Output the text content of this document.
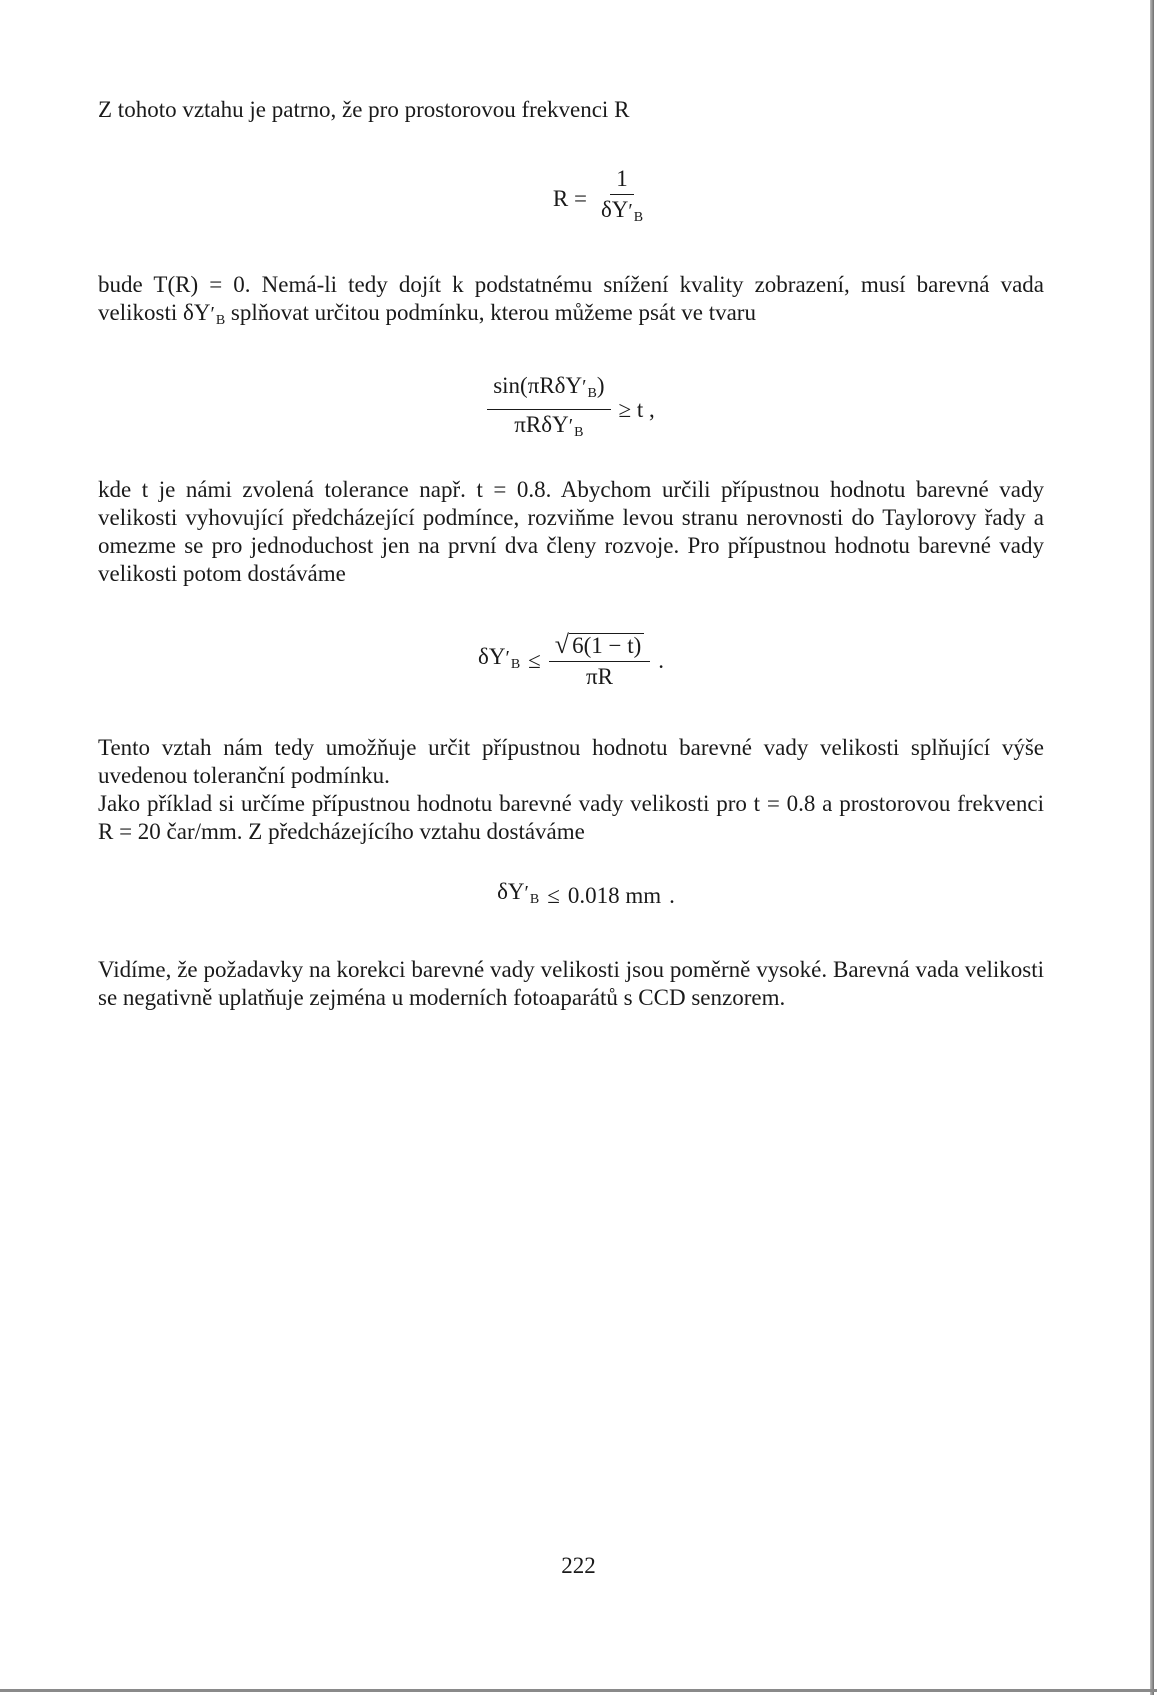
Z tohoto vztahu je patrno, že pro prostorovou frekvenci R

$R = \frac{1}{\delta Y'_B}$

bude T(R) = 0. Nemá-li tedy dojít k podstatnému snížení kvality zobrazení, musí barevná vada velikosti $\delta Y'_B$ splňovat určitou podmínku, kterou můžeme psát ve tvaru

$\frac{\sin(\pi R\delta Y'_B)}{\pi R\delta Y'_B} \ge t$ ,

kde t je námi zvolená tolerance např. t = 0.8. Abychom určili přípustnou hodnotu barevné vady velikosti vyhovující předcházející podmínce, rozviňme levou stranu nerovnosti do Taylorovy řady a omezme se pro jednoduchost jen na první dva členy rozvoje. Pro přípustnou hodnotu barevné vady velikosti potom dostáváme

$\delta Y'_B \le \frac{√ 6(1 - t)}{\pi R}$ .

Tento vztah nám tedy umožňuje určit přípustnou hodnotu barevné vady velikosti splňující výše uvedenou toleranční podmínku.

Jako příklad si určíme přípustnou hodnotu barevné vady velikosti pro t = 0.8 a prostorovou frekvenci R = 20 čar/mm. Z předcházejícího vztahu dostáváme

$\delta Y'_B \le 0.018$ mm .

Vidíme, že požadavky na korekci barevné vady velikosti jsou poměrně vysoké. Barevná vada velikosti se negativně uplatňuje zejména u moderních fotoaparátů s CCD senzorem.

222
